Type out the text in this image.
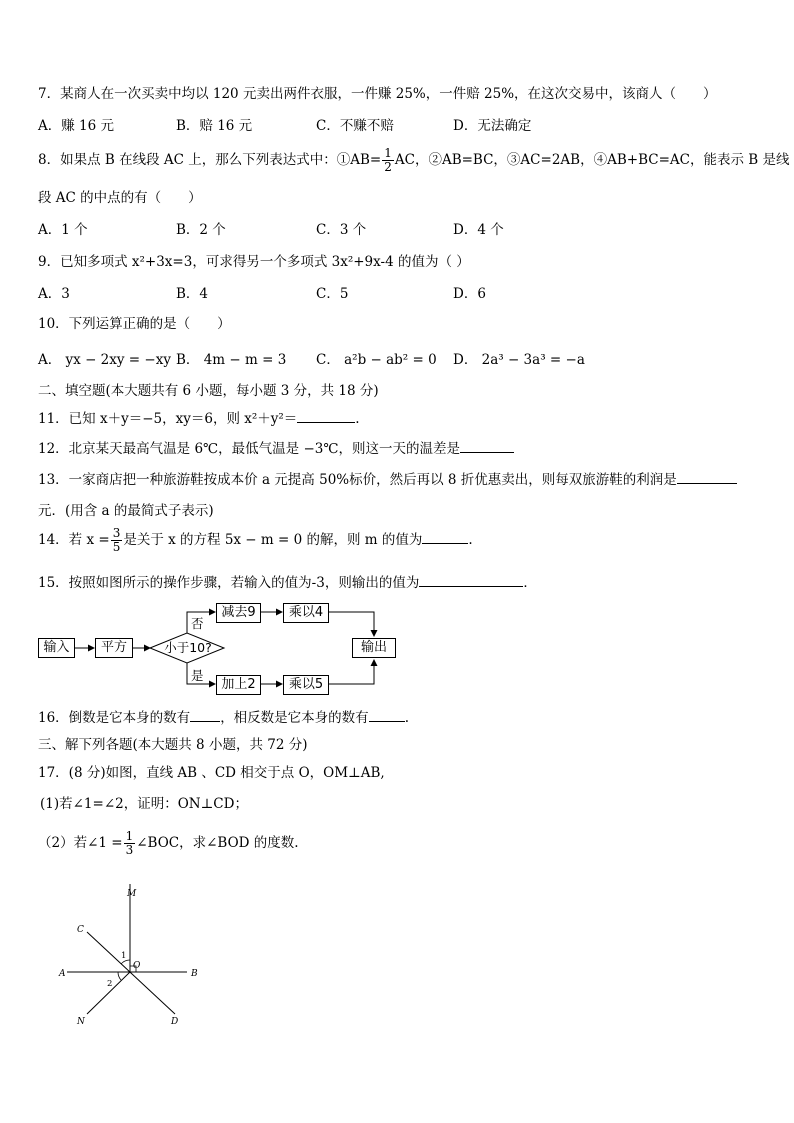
7．某商人在一次买卖中均以 120 元卖出两件衣服，一件赚 25%，一件赔 25%，在这次交易中，该商人（　　）
A．赚 16 元	B．赔 16 元	C．不赚不赔	D．无法确定
8．如果点 B 在线段 AC 上，那么下列表达式中：①AB= $\frac{1}{2}$ AC，②AB=BC，③AC=2AB，④AB+BC=AC，能表示 B 是线
段 AC 的中点的有（　　）
A．1 个	B．2 个	C．3 个	D．4 个
9．已知多项式 x²+3x=3，可求得另一个多项式 3x²+9x-4 的值为（ ）
A．3	B．4	C．5	D．6
10．下列运算正确的是（　　）
A． yx − 2xy = −xy B． 4m − m = 3 C． a²b − ab² = 0 D． 2a³ − 3a³ = −a
二、填空题(本大题共有 6 小题，每小题 3 分，共 18 分)
11．已知 x＋y＝−5，xy＝6，则 x²＋y²＝	.
12．北京某天最高气温是 6℃，最低气温是 −3℃，则这一天的温差是
13．一家商店把一种旅游鞋按成本价 a 元提高 50%标价，然后再以 8 折优惠卖出，则每双旅游鞋的利润是
元．(用含 a 的最简式子表示)
14．若 $x = \frac{3}{5}$ 是关于 x 的方程 5x − m = 0 的解，则 m 的值为	.
15．按照如图所示的操作步骤，若输入的值为-3，则输出的值为	．
输入	平方	小于10?
否
是
减去9	乘以4
加上2	乘以5
输出
16．倒数是它本身的数有 ，相反数是它本身的数有	.
三、解下列各题(本大题共 8 小题，共 72 分)
17．(8 分)如图，直线 AB 、CD 相交于点 O，OM⊥AB,
(1)若∠1=∠2，证明：ON⊥CD；
（2）若∠1 = $\frac{1}{3}$ ∠BOC，求∠BOD 的度数.
M
C
A
O
B
N	D
1
2
